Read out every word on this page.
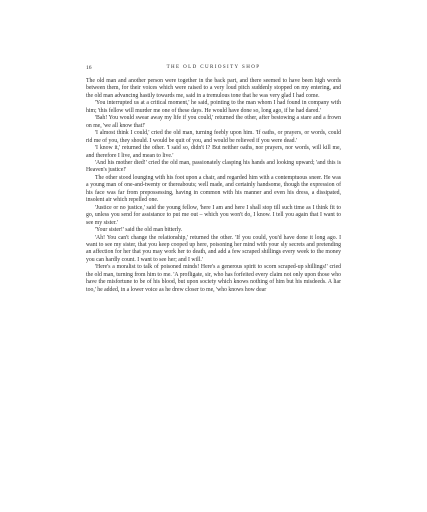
16	THE OLD CURIOSITY SHOP

The old man and another person were together in the back part, and there seemed to have been high words between them, for their voices which were raised to a very loud pitch suddenly stopped on my entering, and the old man advancing hastily towards me, said in a tremulous tone that he was very glad I had come.

'You interrupted us at a critical moment,' he said, pointing to the man whom I had found in company with him; 'this fellow will murder me one of these days. He would have done so, long ago, if he had dared.'

'Bah! You would swear away my life if you could,' returned the other, after bestowing a stare and a frown on me, 'we all know that!'

'I almost think I could,' cried the old man, turning feebly upon him. 'If oaths, or prayers, or words, could rid me of you, they should. I would be quit of you, and would be relieved if you were dead.'

'I know it,' returned the other. 'I said so, didn't I? But neither oaths, nor prayers, nor words, will kill me, and therefore I live, and mean to live.'

'And his mother died!' cried the old man, passionately clasping his hands and looking upward; 'and this is Heaven's justice!'

The other stood lounging with his foot upon a chair, and regarded him with a contemptuous sneer. He was a young man of one-and-twenty or thereabouts; well made, and certainly handsome, though the expression of his face was far from prepossessing, having in common with his manner and even his dress, a dissipated, insolent air which repelled one.

'Justice or no justice,' said the young fellow, 'here I am and here I shall stop till such time as I think fit to go, unless you send for assistance to put me out – which you won't do, I know. I tell you again that I want to see my sister.'

'Your sister!' said the old man bitterly.

'Ah! You can't change the relationship,' returned the other. 'If you could, you'd have done it long ago. I want to see my sister, that you keep cooped up here, poisoning her mind with your sly secrets and pretending an affection for her that you may work her to death, and add a few scraped shillings every week to the money you can hardly count. I want to see her; and I will.'

'Here's a moralist to talk of poisoned minds! Here's a generous spirit to scorn scraped-up shillings!' cried the old man, turning from him to me. 'A profligate, sir, who has forfeited every claim not only upon those who have the misfortune to be of his blood, but upon society which knows nothing of him but his misdeeds. A liar too,' he added, in a lower voice as he drew closer to me, 'who knows how dear
